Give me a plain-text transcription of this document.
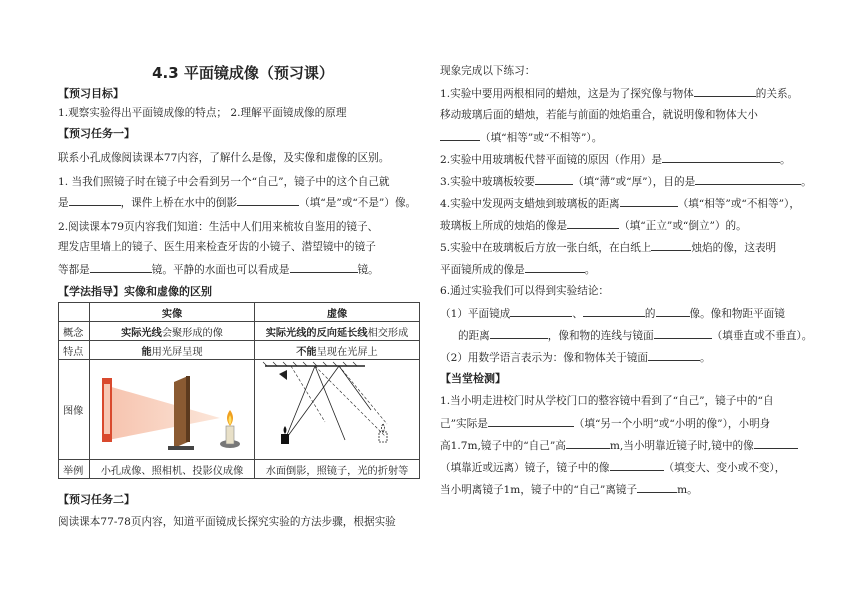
4.3 平面镜成像（预习课）
【预习目标】
1.观察实验得出平面镜成像的特点； 2.理解平面镜成像的原理
【预习任务一】
联系小孔成像阅读课本77内容，了解什么是像，及实像和虚像的区别。
1. 当我们照镜子时在镜子中会看到另一个“自己”，镜子中的这个自己就
是	，课件上桥在水中的倒影	（填“是”或“不是”）像。
2.阅读课本79页内容我们知道：生活中人们用来梳妆自鉴用的镜子、
理发店里墙上的镜子、医生用来检查牙齿的小镜子、潜望镜中的镜子
等都是	镜。平静的水面也可以看成是	镜。
【学法指导】实像和虚像的区别
	实像	虚像
概念	实际光线会聚形成的像	实际光线的反向延长线相交形成
特点	能用光屏呈现	不能呈现在光屏上
图像		
举例	小孔成像、照相机、投影仪成像	水面倒影，照镜子，光的折射等
【预习任务二】
阅读课本77-78页内容，知道平面镜成长探究实验的方法步骤，根据实验
现象完成以下练习：
1.实验中要用两根相同的蜡烛，这是为了探究像与物体	的关系。
移动玻璃后面的蜡烛，若能与前面的烛焰重合，就说明像和物体大小
（填“相等”或“不相等”）。
2.实验中用玻璃板代替平面镜的原因（作用）是	。
3.实验中玻璃板较要	（填“薄”或“厚”），目的是	。
4.实验中发现两支蜡烛到玻璃板的距离	（填“相等”或“不相等”），
玻璃板上所成的烛焰的像是	（填“正立”或“倒立”）的。
5.实验中在玻璃板后方放一张白纸，在白纸上	烛焰的像，这表明
平面镜所成的像是	。
6.通过实验我们可以得到实验结论：
（1）平面镜成	、	的	像。像和物距平面镜
的距离	，像和物的连线与镜面	（填垂直或不垂直）。
（2）用数学语言表示为：像和物体关于镜面	。
【当堂检测】
1.当小明走进校门时从学校门口的整容镜中看到了“自己”，镜子中的“自
己”实际是	（填“另一个小明”或“小明的像”），小明身
高1.7m,镜子中的“自己”高	m,当小明靠近镜子时,镜中的像
（填靠近或远离）镜子，镜子中的像	（填变大、变小或不变），
当小明离镜子1m，镜子中的“自己”离镜子	m。
